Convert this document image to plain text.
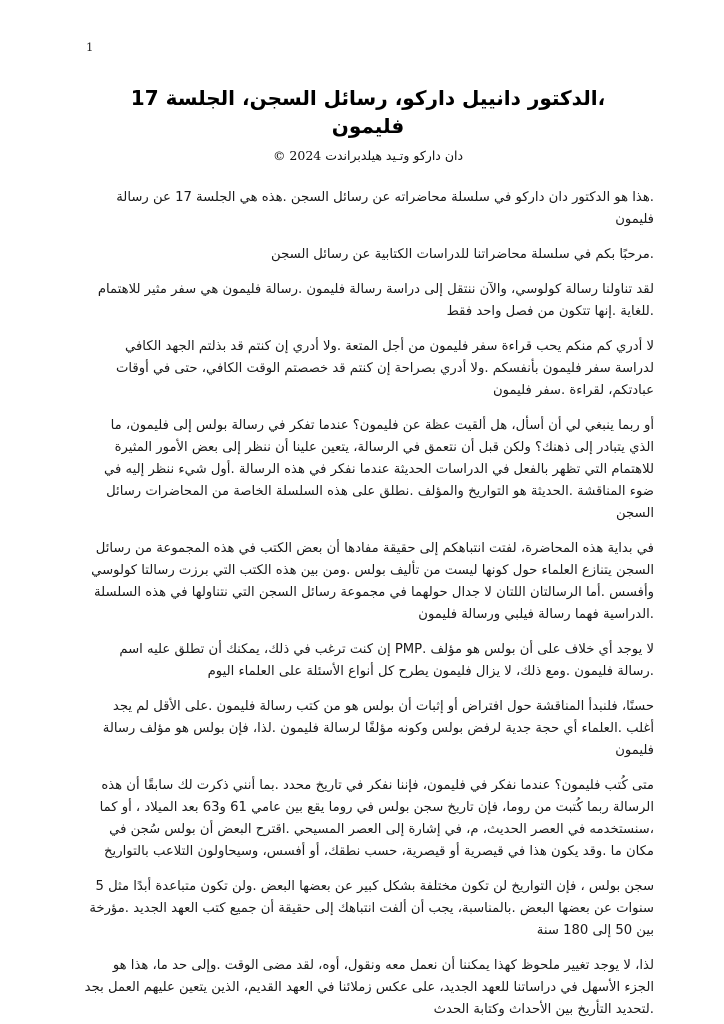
1
،الدكتور دانييل داركو، رسائل السجن، الجلسة 17
فليمون
دان داركو وتـيد هيلدبراندت 2024 ©

.هذا هو الدكتور دان داركو في سلسلة محاضراته عن رسائل السجن .هذه هي الجلسة 17 عن رسالة فليمون

.مرحبًا بكم في سلسلة محاضراتنا للدراسات الكتابية عن رسائل السجن

لقد تناولنا رسالة كولوسي، والآن ننتقل إلى دراسة رسالة فليمون .رسالة فليمون هي سفر مثير للاهتمام .للغاية .إنها تتكون من فصل واحد فقط

لا أدري كم منكم يحب قراءة سفر فليمون من أجل المتعة .ولا أدري إن كنتم قد بذلتم الجهد الكافي لدراسة سفر فليمون بأنفسكم .ولا أدري بصراحة إن كنتم قد خصصتم الوقت الكافي، حتى في أوقات عبادتكم، لقراءة .سفر فليمون

أو ربما ينبغي لي أن أسأل، هل ألقيت عظة عن فليمون؟ عندما تفكر في رسالة بولس إلى فليمون، ما الذي يتبادر إلى ذهنك؟ ولكن قبل أن نتعمق في الرسالة، يتعين علينا أن ننظر إلى بعض الأمور المثيرة للاهتمام التي تظهر بالفعل في الدراسات الحديثة عندما نفكر في هذه الرسالة .أول شيء ننظر إليه في ضوء المناقشة .الحديثة هو التواريخ والمؤلف .نطلق على هذه السلسلة الخاصة من المحاضرات رسائل السجن

في بداية هذه المحاضرة، لفتت انتباهكم إلى حقيقة مفادها أن بعض الكتب في هذه المجموعة من رسائل السجن يتنازع العلماء حول كونها ليست من تأليف بولس .ومن بين هذه الكتب التي برزت رسالتا كولوسي وأفسس .أما الرسالتان اللتان لا جدال حولهما في مجموعة رسائل السجن التي نتناولها في هذه السلسلة .الدراسية فهما رسالة فيلبي ورسالة فليمون

لا يوجد أي خلاف على أن بولس هو مؤلف .PMP إن كنت ترغب في ذلك، يمكنك أن تطلق عليه اسم .رسالة فليمون .ومع ذلك، لا يزال فليمون يطرح كل أنواع الأسئلة على العلماء اليوم

حسنًا، فلنبدأ المناقشة حول افتراض أو إثبات أن بولس هو من كتب رسالة فليمون .على الأقل لم يجد أغلب .العلماء أي حجة جدية لرفض بولس وكونه مؤلفًا لرسالة فليمون .لذا، فإن بولس هو مؤلف رسالة فليمون

متى كُتب فليمون؟ عندما نفكر في فليمون، فإننا نفكر في تاريخ محدد .بما أنني ذكرت لك سابقًا أن هذه الرسالة ربما كُتبت من روما، فإن تاريخ سجن بولس في روما يقع بين عامي 61 و63 بعد الميلاد ، أو كما ،سنستخدمه في العصر الحديث، م، في إشارة إلى العصر المسيحي .اقترح البعض أن بولس سُجن في مكان ما .وقد يكون هذا في قيصرية أو قيصرية، حسب نطقك، أو أفسس، وسيحاولون التلاعب بالتواريخ

سجن بولس ، فإن التواريخ لن تكون مختلفة بشكل كبير عن بعضها البعض .ولن تكون متباعدة أبدًا مثل 5 سنوات عن بعضها البعض .بالمناسبة، يجب أن ألفت انتباهك إلى حقيقة أن جميع كتب العهد الجديد .مؤرخة بين 50 إلى 180 سنة

لذا، لا يوجد تغيير ملحوظ كهذا يمكننا أن نعمل معه ونقول، أوه، لقد مضى الوقت .وإلى حد ما، هذا هو الجزء الأسهل في دراساتنا للعهد الجديد، على عكس زملائنا في العهد القديم، الذين يتعين عليهم العمل بجد .لتحديد التأريخ بين الأحداث وكتابة الحدث
